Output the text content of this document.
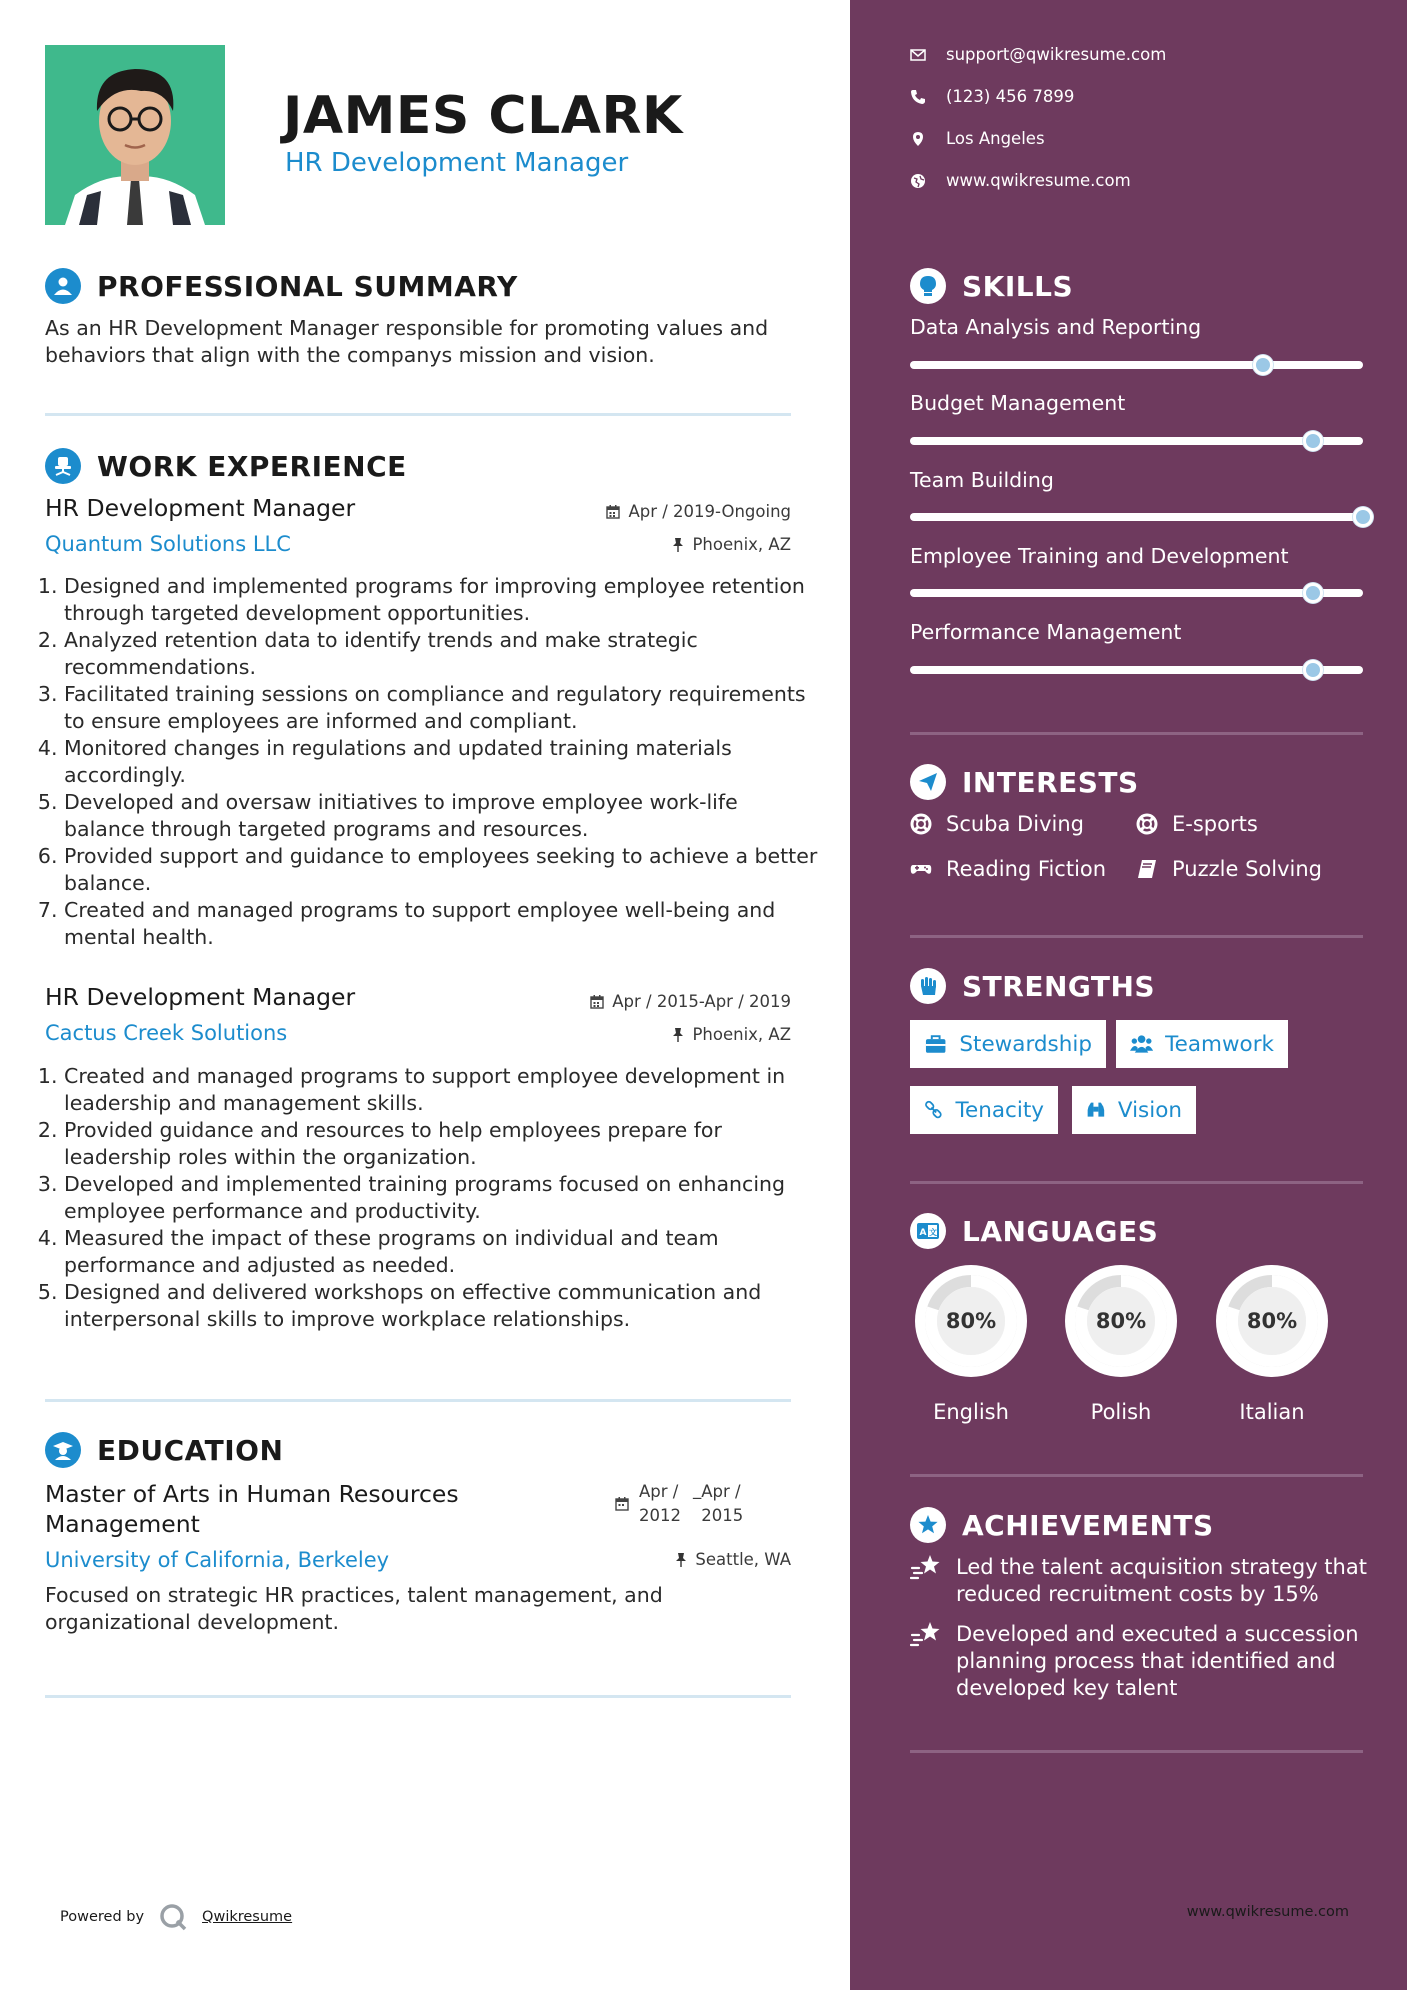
JAMES CLARK
HR Development Manager
PROFESSIONAL SUMMARY
As an HR Development Manager responsible for promoting values and behaviors that align with the companys mission and vision.
WORK EXPERIENCE
HR Development Manager	Apr / 2019-Ongoing
Quantum Solutions LLC	Phoenix, AZ
1. Designed and implemented programs for improving employee retention through targeted development opportunities.
2. Analyzed retention data to identify trends and make strategic recommendations.
3. Facilitated training sessions on compliance and regulatory requirements to ensure employees are informed and compliant.
4. Monitored changes in regulations and updated training materials accordingly.
5. Developed and oversaw initiatives to improve employee work-life balance through targeted programs and resources.
6. Provided support and guidance to employees seeking to achieve a better balance.
7. Created and managed programs to support employee well-being and mental health.
HR Development Manager	Apr / 2015-Apr / 2019
Cactus Creek Solutions	Phoenix, AZ
1. Created and managed programs to support employee development in leadership and management skills.
2. Provided guidance and resources to help employees prepare for leadership roles within the organization.
3. Developed and implemented training programs focused on enhancing employee performance and productivity.
4. Measured the impact of these programs on individual and team performance and adjusted as needed.
5. Designed and delivered workshops on effective communication and interpersonal skills to improve workplace relationships.
EDUCATION
Master of Arts in Human Resources
Management
Apr /
2012
_ Apr /
2015
University of California, Berkeley	Seattle, WA
Focused on strategic HR practices, talent management, and organizational development.
Powered by	Qwikresume
support@qwikresume.com
(123) 456 7899
Los Angeles
www.qwikresume.com
SKILLS
Data Analysis and Reporting
Budget Management
Team Building
Employee Training and Development
Performance Management
INTERESTS
Scuba Diving	E-sports
Reading Fiction	Puzzle Solving
STRENGTHS
Stewardship	Teamwork
Tenacity	Vision
A 文 LANGUAGES
80%
English
80%
Polish
80%
Italian
ACHIEVEMENTS
Led the talent acquisition strategy that reduced recruitment costs by 15%
Developed and executed a succession planning process that identified and developed key talent
www.qwikresume.com
